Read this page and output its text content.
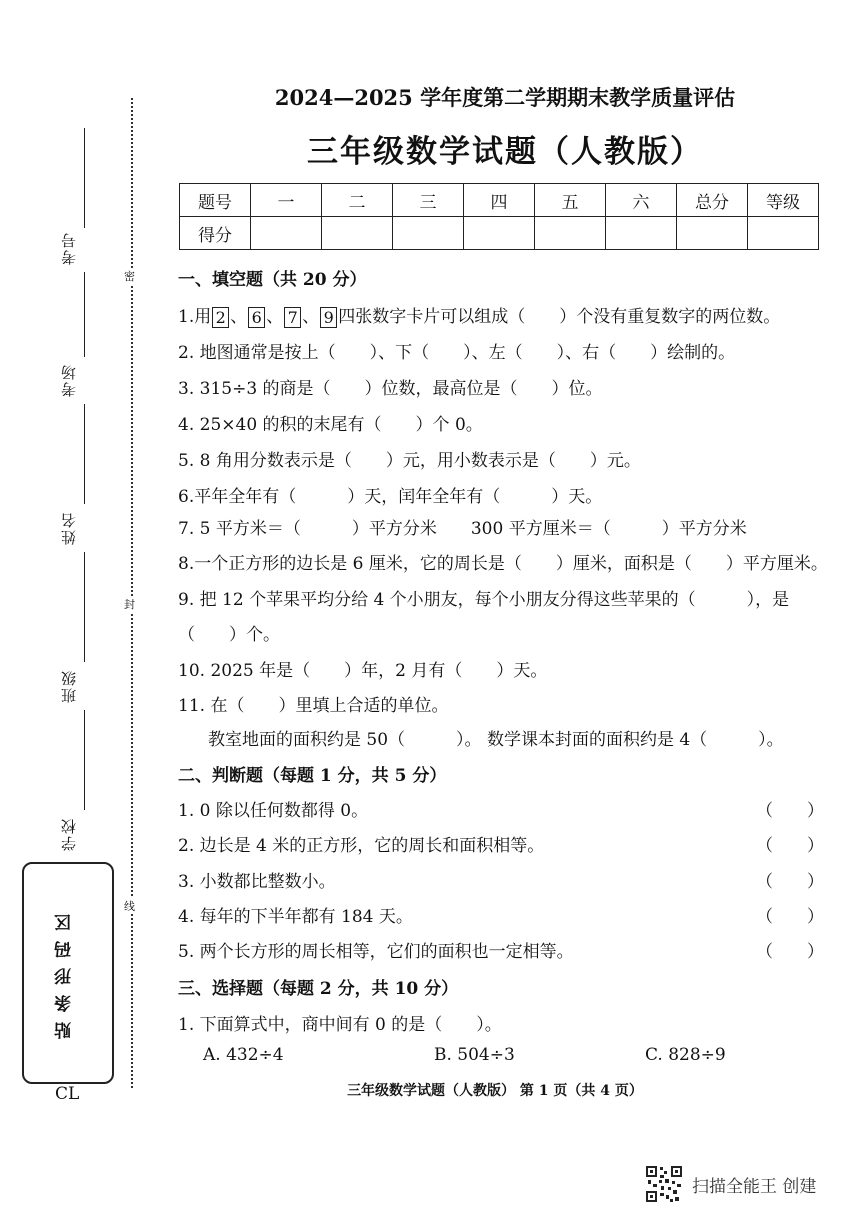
考号
考场
姓名
班级
学校
密
封
线
贴条形码区
CL
2024—2025 学年度第二学期期末教学质量评估
三年级数学试题（人教版）
题号	一	二	三	四	五	六	总分	等级
得分								
一、填空题（共 20 分）
1.用 2 、 6 、 7 、 9 四张数字卡片可以组成（　　）个没有重复数字的两位数。
2. 地图通常是按上（　　）、下（　　）、左（　　）、右（　　）绘制的。
3. 315÷3 的商是（　　）位数，最高位是（　　）位。
4. 25×40 的积的末尾有（　　）个 0。
5. 8 角用分数表示是（　　）元，用小数表示是（　　）元。
6.平年全年有（　　　）天，闰年全年有（　　　）天。
7. 5 平方米＝（　　　）平方分米　　300 平方厘米＝（　　　）平方分米
8.一个正方形的边长是 6 厘米，它的周长是（　　）厘米，面积是（　　）平方厘米。
9. 把 12 个苹果平均分给 4 个小朋友，每个小朋友分得这些苹果的（　　　），是
（　　）个。
10. 2025 年是（　　）年，2 月有（　　）天。
11. 在（　　）里填上合适的单位。
教室地面的面积约是 50（　　　）。 数学课本封面的面积约是 4（　　　）。
二、判断题（每题 1 分，共 5 分）
1. 0 除以任何数都得 0。	（　　）
2. 边长是 4 米的正方形，它的周长和面积相等。	（　　）
3. 小数都比整数小。	（　　）
4. 每年的下半年都有 184 天。	（　　）
5. 两个长方形的周长相等，它们的面积也一定相等。	（　　）
三、选择题（每题 2 分，共 10 分）
1. 下面算式中，商中间有 0 的是（　　）。
A. 432÷4	B. 504÷3	C. 828÷9
三年级数学试题（人教版） 第 1 页（共 4 页）
扫描全能王 创建
